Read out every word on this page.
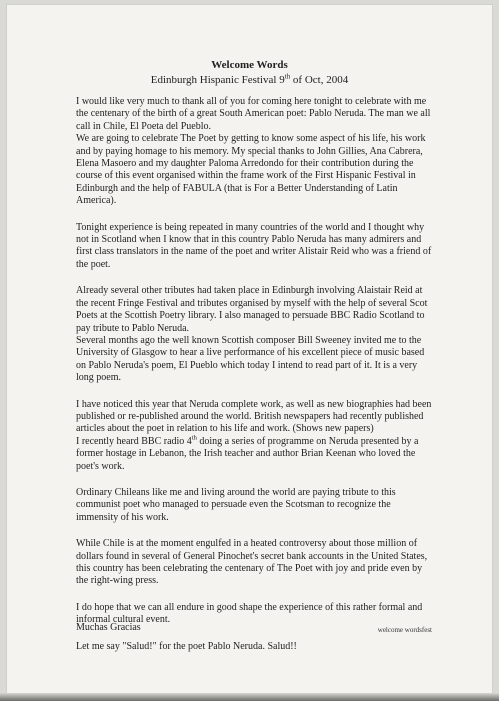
Welcome Words
Edinburgh Hispanic Festival 9th of Oct, 2004

I would like very much to thank all of you for coming here tonight to celebrate with me the centenary of the birth of a great South American poet: Pablo Neruda. The man we all call in Chile, El Poeta del Pueblo.

We are going to celebrate The Poet by getting to know some aspect of his life, his work and by paying homage to his memory. My special thanks to John Gillies, Ana Cabrera, Elena Masoero and my daughter Paloma Arredondo for their contribution during the course of this event organised within the frame work of the First Hispanic Festival in Edinburgh and the help of FABULA (that is For a Better Understanding of Latin America).

Tonight experience is being repeated in many countries of the world and I thought why not in Scotland when I know that in this country Pablo Neruda has many admirers and first class translators in the name of the poet and writer Alistair Reid who was a friend of the poet.

Already several other tributes had taken place in Edinburgh involving Alaistair Reid at the recent Fringe Festival and tributes organised by myself with the help of several Scot Poets at the Scottish Poetry library. I also managed to persuade BBC Radio Scotland to pay tribute to Pablo Neruda.

Several months ago the well known Scottish composer Bill Sweeney invited me to the University of Glasgow to hear a live performance of his excellent piece of music based on Pablo Neruda's poem, El Pueblo which today I intend to read part of it. It is a very long poem.

I have noticed this year that Neruda complete work, as well as new biographies had been published or re-published around the world. British newspapers had recently published articles about the poet in relation to his life and work. (Shows new papers)

I recently heard BBC radio 4th doing a series of programme on Neruda presented by a former hostage in Lebanon, the Irish teacher and author Brian Keenan who loved the poet's work.

Ordinary Chileans like me and living around the world are paying tribute to this communist poet who managed to persuade even the Scotsman to recognize the immensity of his work.

While Chile is at the moment engulfed in a heated controversy about those million of dollars found in several of General Pinochet's secret bank accounts in the United States, this country has been celebrating the centenary of The Poet with joy and pride even by the right-wing press.

I do hope that we can all endure in good shape the experience of this rather formal and informal cultural event.

Let me say "Salud!" for the poet Pablo Neruda. Salud!!

Muchas Gracias	welcome wordsfest
